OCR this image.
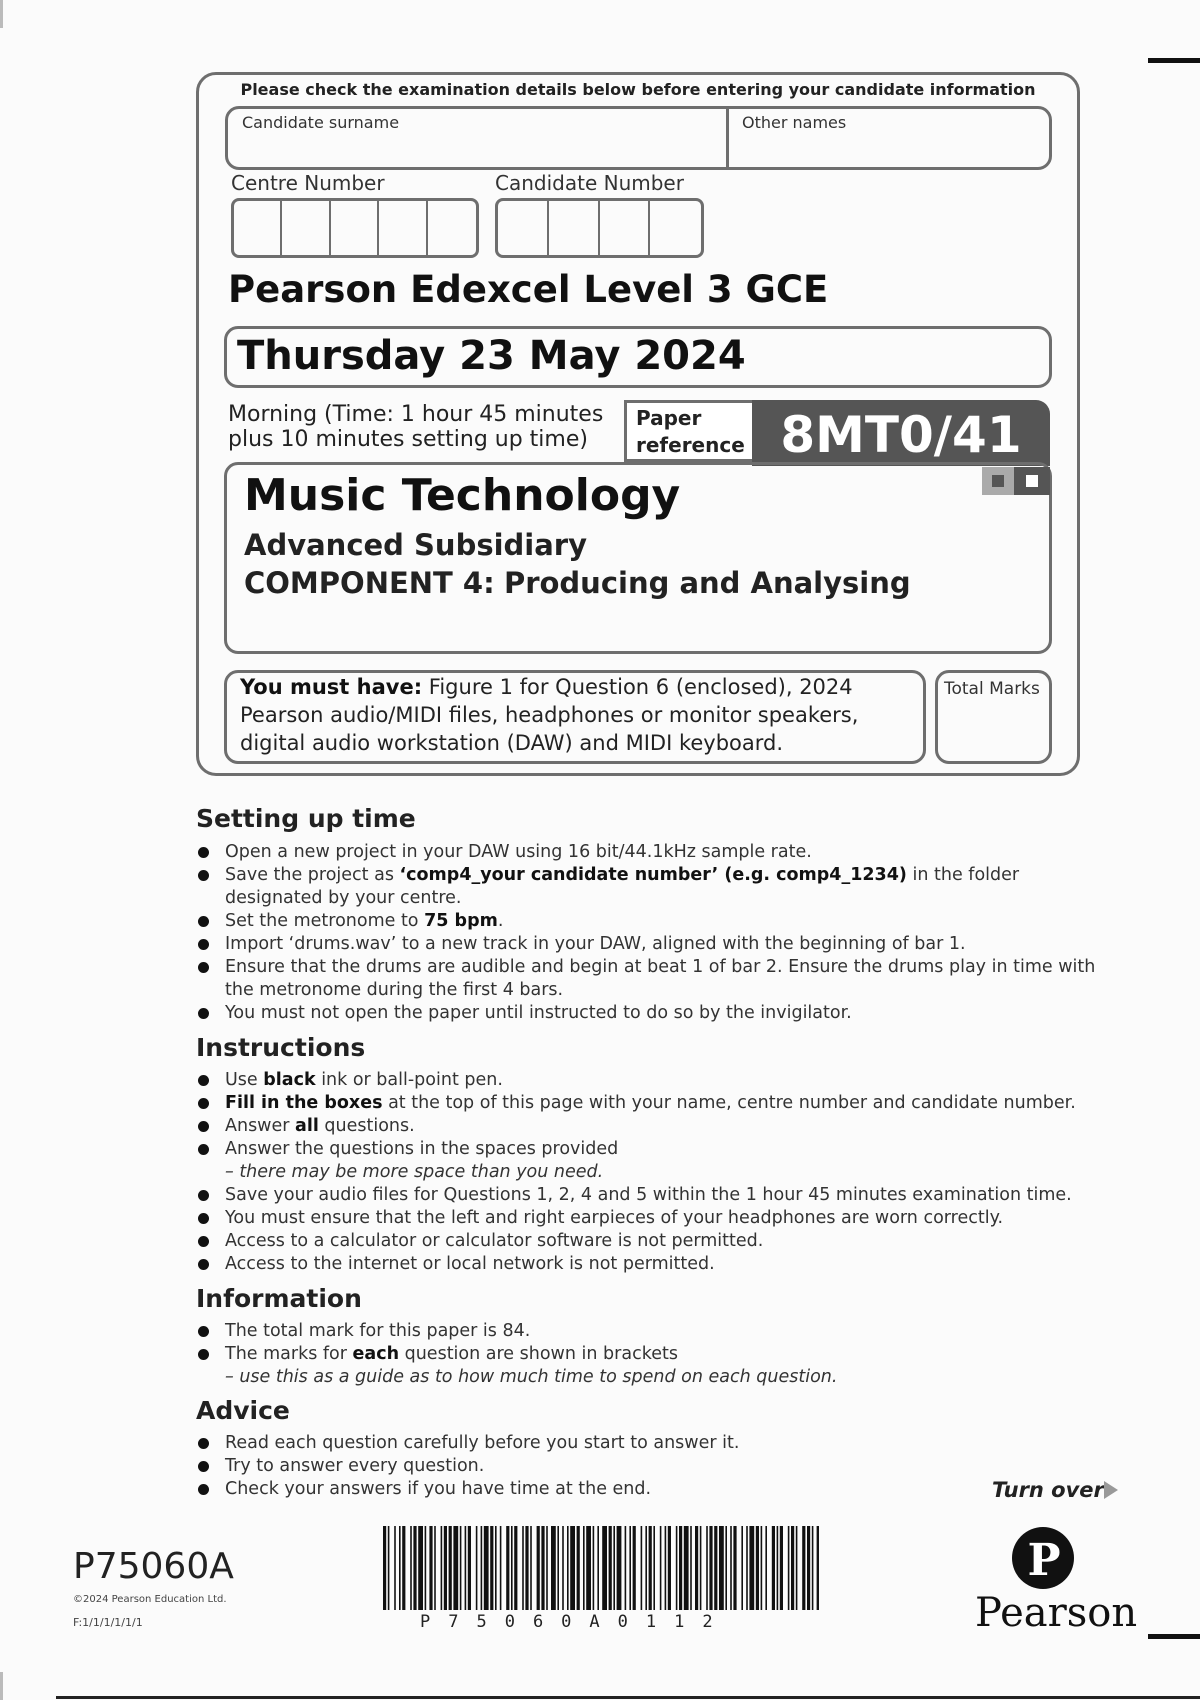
Please check the examination details below before entering your candidate information
Candidate surname	Other names
Centre Number	Candidate Number
Pearson Edexcel Level 3 GCE
Thursday 23 May 2024
Morning (Time: 1 hour 45 minutes
plus 10 minutes setting up time)
Paper
reference 8MT0/41
Music Technology
Advanced Subsidiary
COMPONENT 4: Producing and Analysing
You must have: Figure 1 for Question 6 (enclosed), 2024 Pearson audio/MIDI files, headphones or monitor speakers, digital audio workstation (DAW) and MIDI keyboard.
Total Marks
Setting up time
Open a new project in your DAW using 16 bit/44.1kHz sample rate.
Save the project as ‘comp4_your candidate number’ (e.g. comp4_1234) in the folder designated by your centre.
Set the metronome to 75 bpm.
Import ‘drums.wav’ to a new track in your DAW, aligned with the beginning of bar 1.
Ensure that the drums are audible and begin at beat 1 of bar 2. Ensure the drums play in time with the metronome during the first 4 bars.
You must not open the paper until instructed to do so by the invigilator.
Instructions
Use black ink or ball-point pen.
Fill in the boxes at the top of this page with your name, centre number and candidate number.
Answer all questions.
Answer the questions in the spaces provided
– there may be more space than you need.
Save your audio files for Questions 1, 2, 4 and 5 within the 1 hour 45 minutes examination time.
You must ensure that the left and right earpieces of your headphones are worn correctly.
Access to a calculator or calculator software is not permitted.
Access to the internet or local network is not permitted.
Information
The total mark for this paper is 84.
The marks for each question are shown in brackets
– use this as a guide as to how much time to spend on each question.
Advice
Read each question carefully before you start to answer it.
Try to answer every question.
Check your answers if you have time at the end.	Turn over
P75060A
©2024 Pearson Education Ltd.
F:1/1/1/1/1/1	P75060A0112
P
Pearson
